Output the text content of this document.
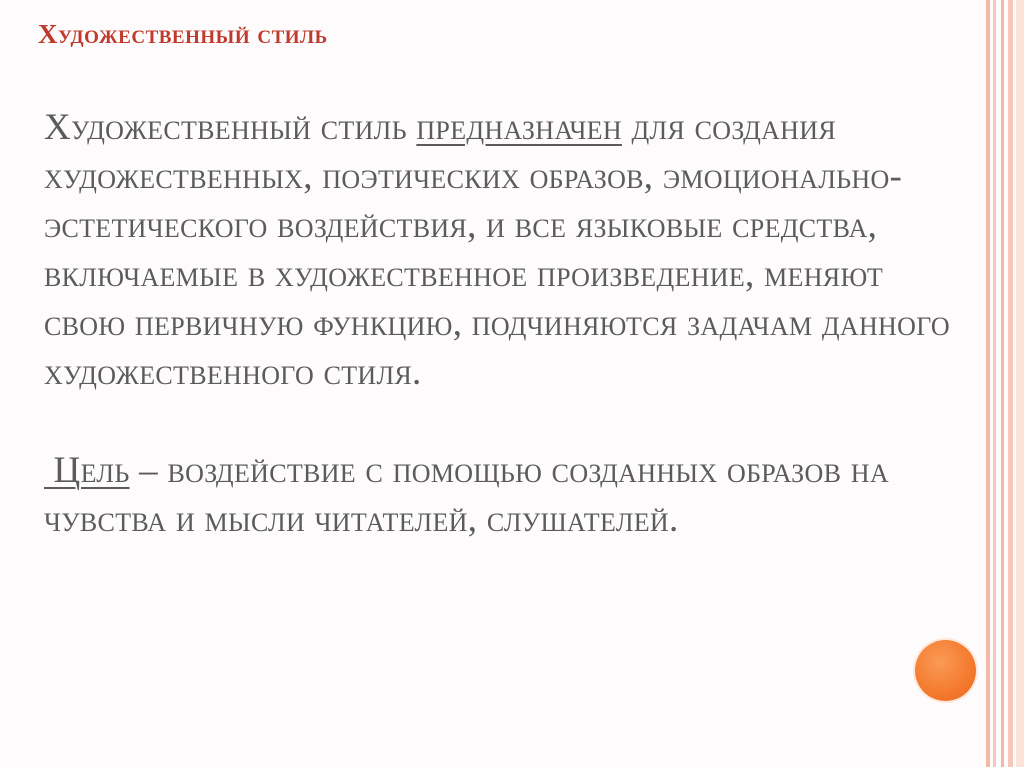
Художественный стиль

Художественный стиль предназначен для создания художественных, поэтических образов, эмоционально-эстетического воздействия, и все языковые средства, включаемые в художественное произведение, меняют свою первичную функцию, подчиняются задачам данного художественного стиля.

Цель – воздействие с помощью созданных образов на чувства и мысли читателей, слушателей.
